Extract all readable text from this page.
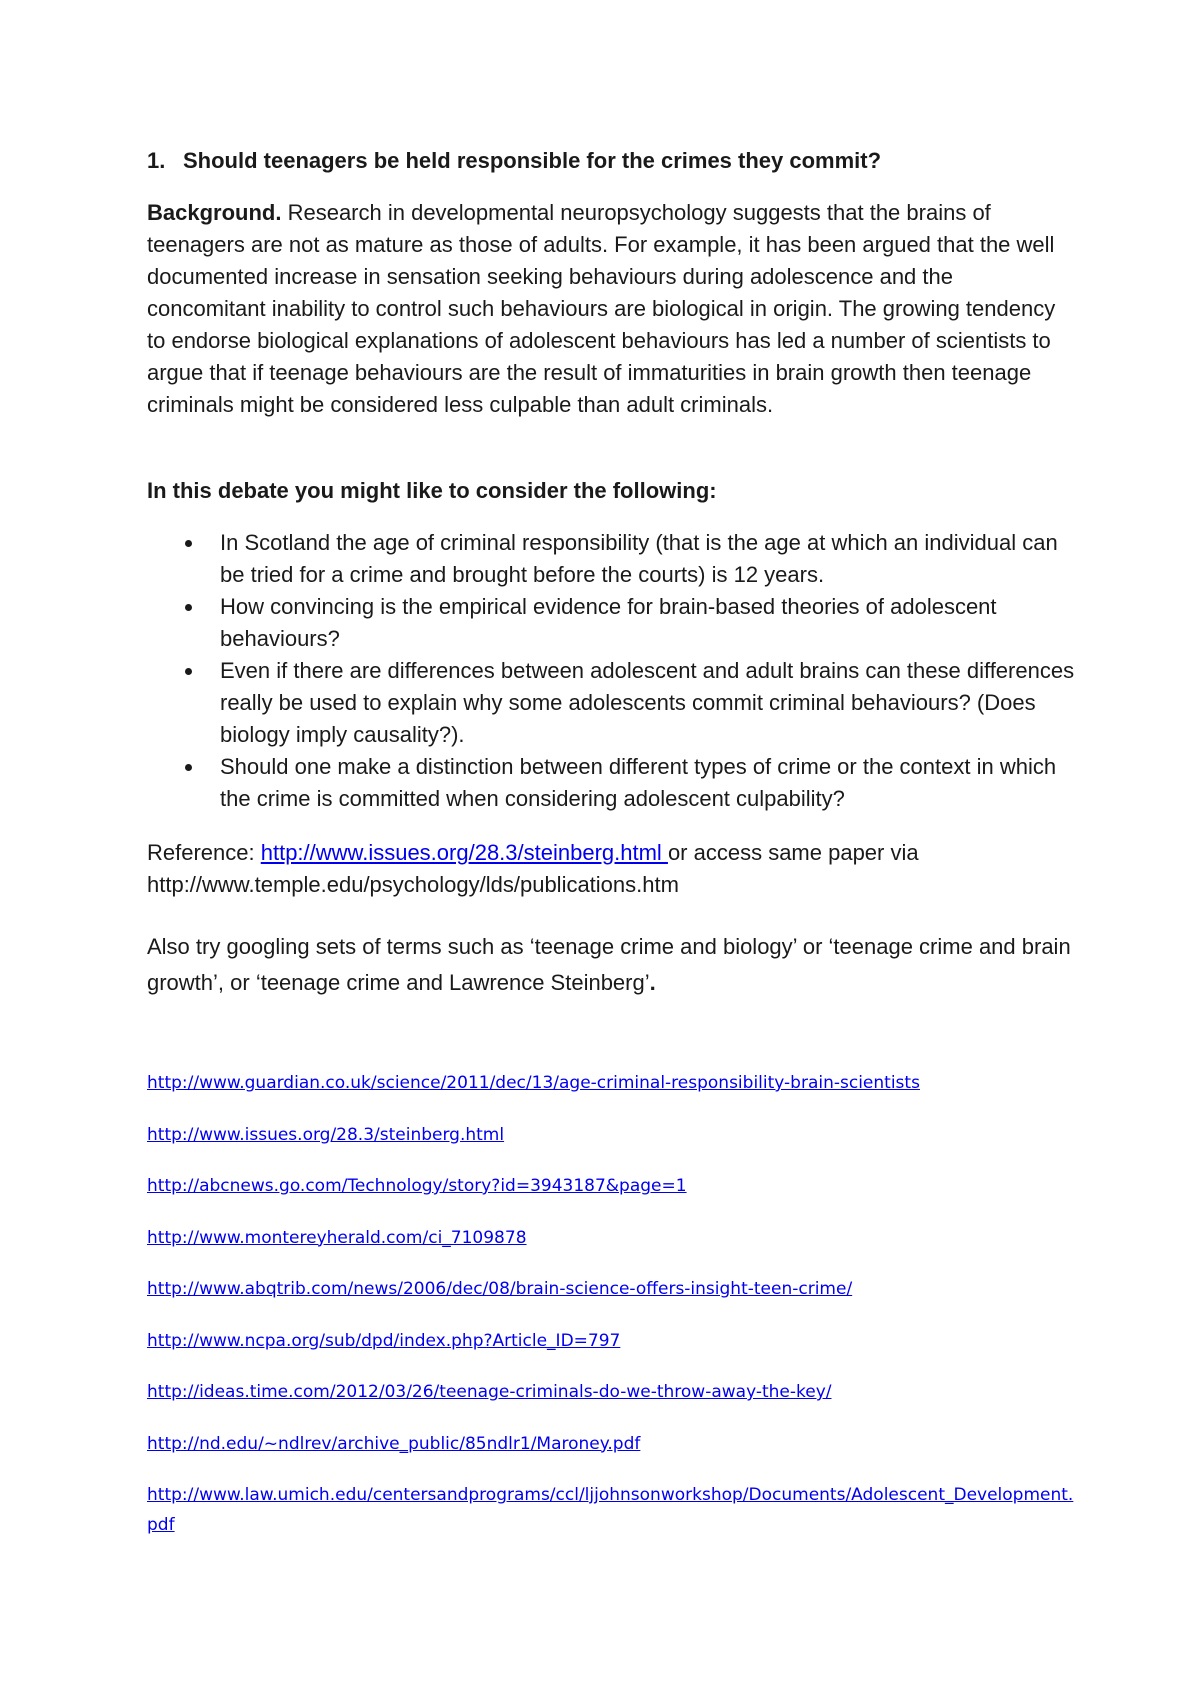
1. Should teenagers be held responsible for the crimes they commit?

Background. Research in developmental neuropsychology suggests that the brains of teenagers are not as mature as those of adults. For example, it has been argued that the well documented increase in sensation seeking behaviours during adolescence and the concomitant inability to control such behaviours are biological in origin. The growing tendency to endorse biological explanations of adolescent behaviours has led a number of scientists to argue that if teenage behaviours are the result of immaturities in brain growth then teenage criminals might be considered less culpable than adult criminals.

In this debate you might like to consider the following:
In Scotland the age of criminal responsibility (that is the age at which an individual can be tried for a crime and brought before the courts) is 12 years.
How convincing is the empirical evidence for brain-based theories of adolescent behaviours?
Even if there are differences between adolescent and adult brains can these differences really be used to explain why some adolescents commit criminal behaviours? (Does biology imply causality?).
Should one make a distinction between different types of crime or the context in which the crime is committed when considering adolescent culpability?

Reference: http://www.issues.org/28.3/steinberg.html or access same paper via http://www.temple.edu/psychology/lds/publications.htm

Also try googling sets of terms such as ‘teenage crime and biology’ or ‘teenage crime and brain growth’, or ‘teenage crime and Lawrence Steinberg’.

http://www.guardian.co.uk/science/2011/dec/13/age-criminal-responsibility-brain-scientists
http://www.issues.org/28.3/steinberg.html
http://abcnews.go.com/Technology/story?id=3943187&page=1
http://www.montereyherald.com/ci_7109878
http://www.abqtrib.com/news/2006/dec/08/brain-science-offers-insight-teen-crime/
http://www.ncpa.org/sub/dpd/index.php?Article_ID=797
http://ideas.time.com/2012/03/26/teenage-criminals-do-we-throw-away-the-key/
http://nd.edu/~ndlrev/archive_public/85ndlr1/Maroney.pdf
http://www.law.umich.edu/centersandprograms/ccl/ljjohnsonworkshop/Documents/Adolescent_Development.pdf
